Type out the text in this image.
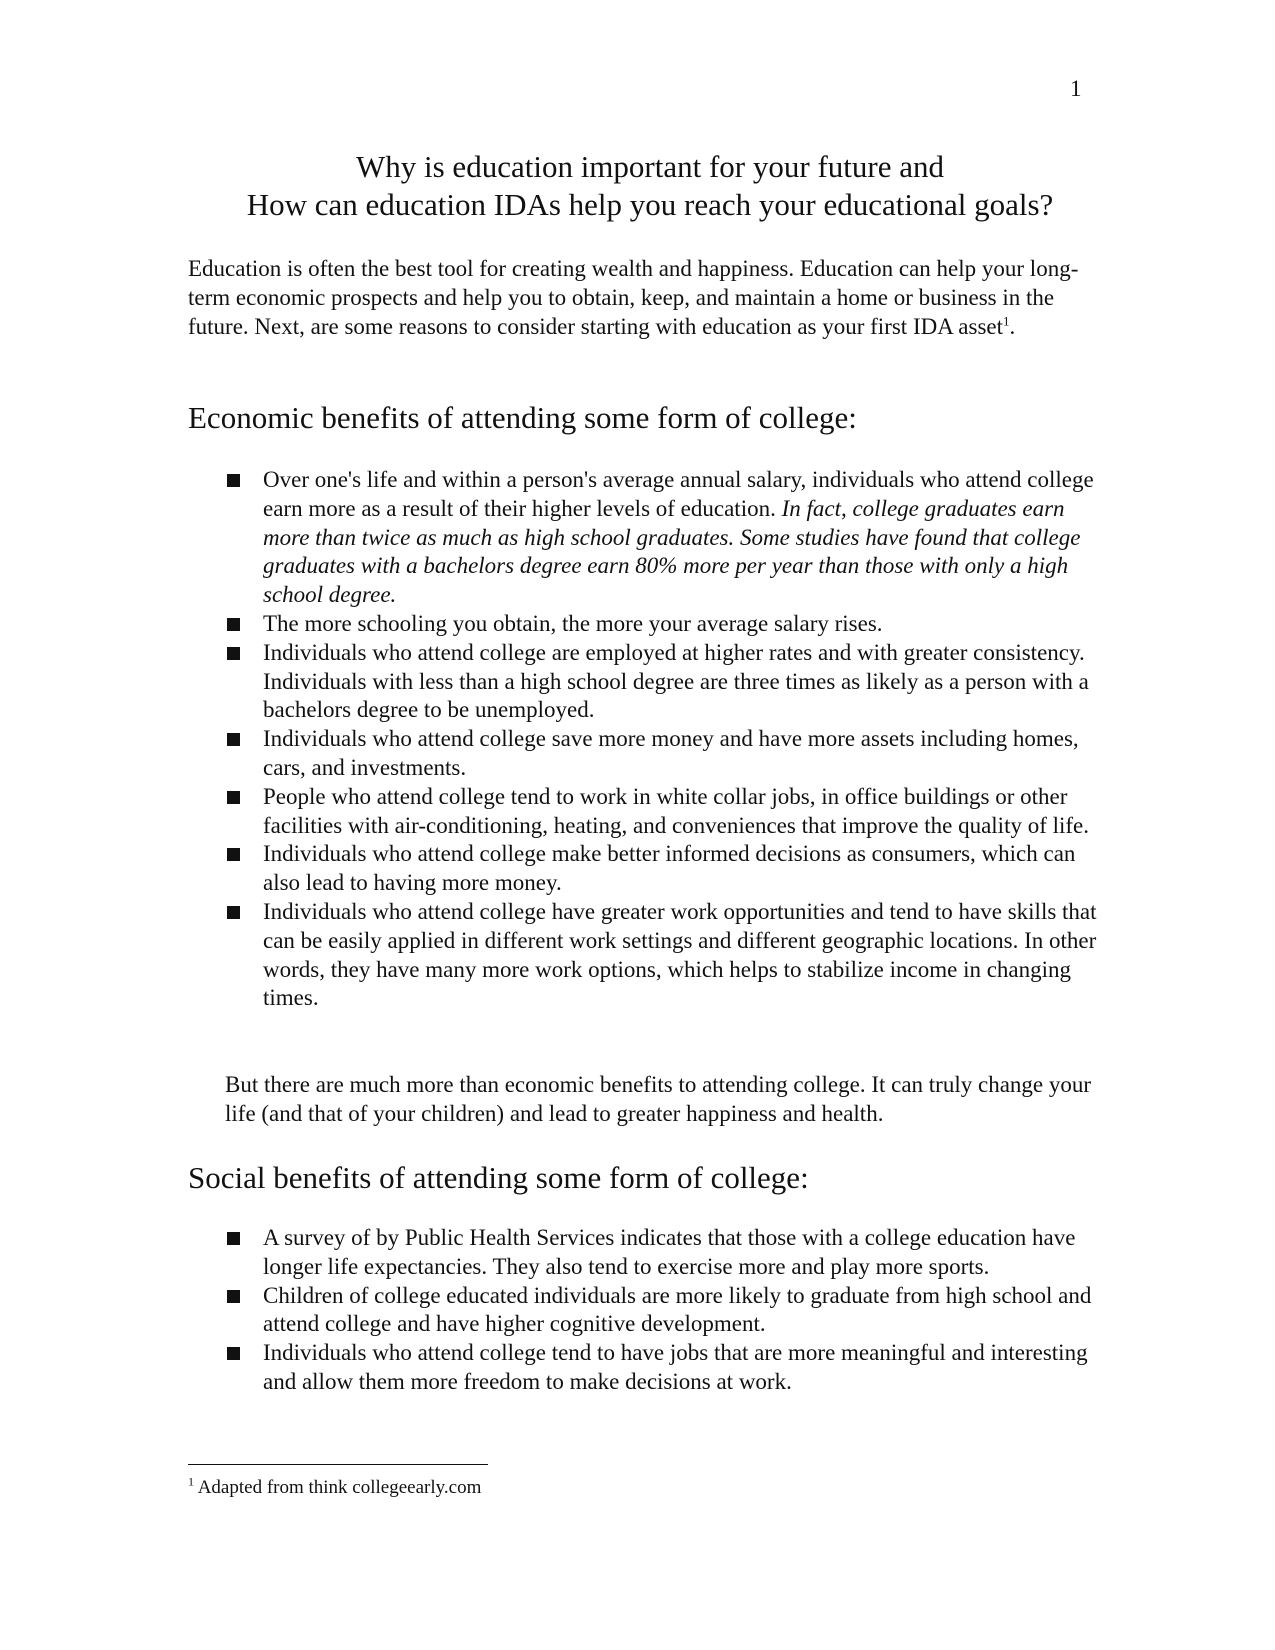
1
Why is education important for your future and
How can education IDAs help you reach your educational goals?

Education is often the best tool for creating wealth and happiness. Education can help your long-term economic prospects and help you to obtain, keep, and maintain a home or business in the future. Next, are some reasons to consider starting with education as your first IDA asset$^1$.

Economic benefits of attending some form of college:
Over one's life and within a person's average annual salary, individuals who attend college earn more as a result of their higher levels of education. In fact, college graduates earn more than twice as much as high school graduates. Some studies have found that college graduates with a bachelors degree earn 80% more per year than those with only a high school degree.
The more schooling you obtain, the more your average salary rises.
Individuals who attend college are employed at higher rates and with greater consistency. Individuals with less than a high school degree are three times as likely as a person with a bachelors degree to be unemployed.
Individuals who attend college save more money and have more assets including homes, cars, and investments.
People who attend college tend to work in white collar jobs, in office buildings or other facilities with air-conditioning, heating, and conveniences that improve the quality of life.
Individuals who attend college make better informed decisions as consumers, which can also lead to having more money.
Individuals who attend college have greater work opportunities and tend to have skills that can be easily applied in different work settings and different geographic locations. In other words, they have many more work options, which helps to stabilize income in changing times.

But there are much more than economic benefits to attending college. It can truly change your life (and that of your children) and lead to greater happiness and health.

Social benefits of attending some form of college:
A survey of by Public Health Services indicates that those with a college education have longer life expectancies. They also tend to exercise more and play more sports.
Children of college educated individuals are more likely to graduate from high school and attend college and have higher cognitive development.
Individuals who attend college tend to have jobs that are more meaningful and interesting and allow them more freedom to make decisions at work.
$^1$ Adapted from think collegeearly.com
